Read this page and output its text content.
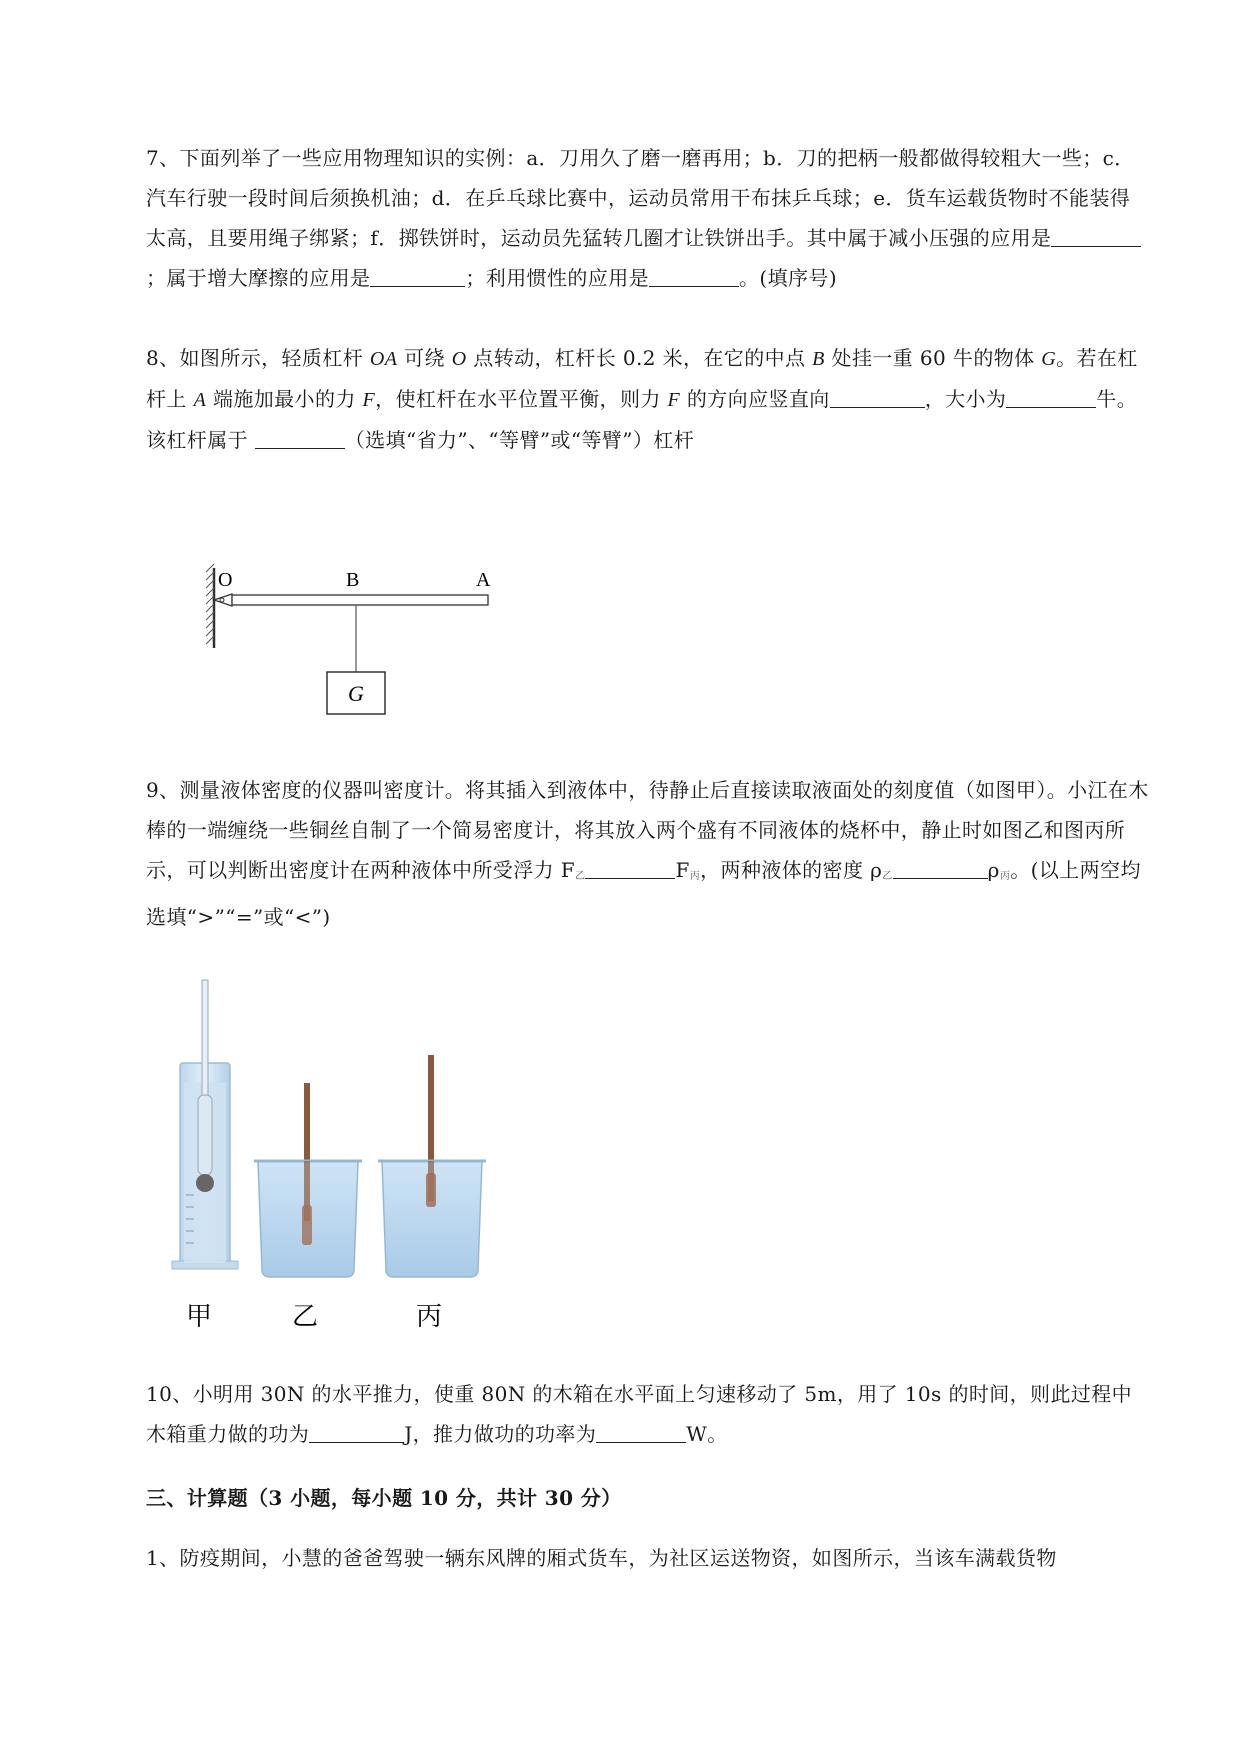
7、下面列举了一些应用物理知识的实例：a．刀用久了磨一磨再用；b．刀的把柄一般都做得较粗大一些；c．汽车行驶一段时间后须换机油；d．在乒乓球比赛中，运动员常用干布抹乒乓球；e．货车运载货物时不能装得太高，且要用绳子绑紧；f．掷铁饼时，运动员先猛转几圈才让铁饼出手。其中属于减小压强的应用是；属于增大摩擦的应用是	；利用惯性的应用是	。(填序号)
8、如图所示，轻质杠杆 OA 可绕 O 点转动，杠杆长 0.2 米，在它的中点 B 处挂一重 60 牛的物体 G。若在杠杆上 A 端施加最小的力 F，使杠杆在水平位置平衡，则力 F 的方向应竖直向	，大小为	牛。该杠杆属于	（选填“省力”、“等臂”或“等臂”）杠杆
O	B	A
G
9、测量液体密度的仪器叫密度计。将其插入到液体中，待静止后直接读取液面处的刻度值（如图甲）。小江在木棒的一端缠绕一些铜丝自制了一个简易密度计，将其放入两个盛有不同液体的烧杯中，静止时如图乙和图丙所示，可以判断出密度计在两种液体中所受浮力 $F_乙$	$F_丙$，两种液体的密度 $\rho_乙$	$\rho_丙$。(以上两空均选填“>”“=”或“<”)
甲	乙	丙
10、小明用 30N 的水平推力，使重 80N 的木箱在水平面上匀速移动了 5m，用了 10s 的时间，则此过程中木箱重力做的功为	J，推力做功的功率为	W。
三、计算题（3 小题，每小题 10 分，共计 30 分）
1、防疫期间，小慧的爸爸驾驶一辆东风牌的厢式货车，为社区运送物资，如图所示，当该车满载货物
